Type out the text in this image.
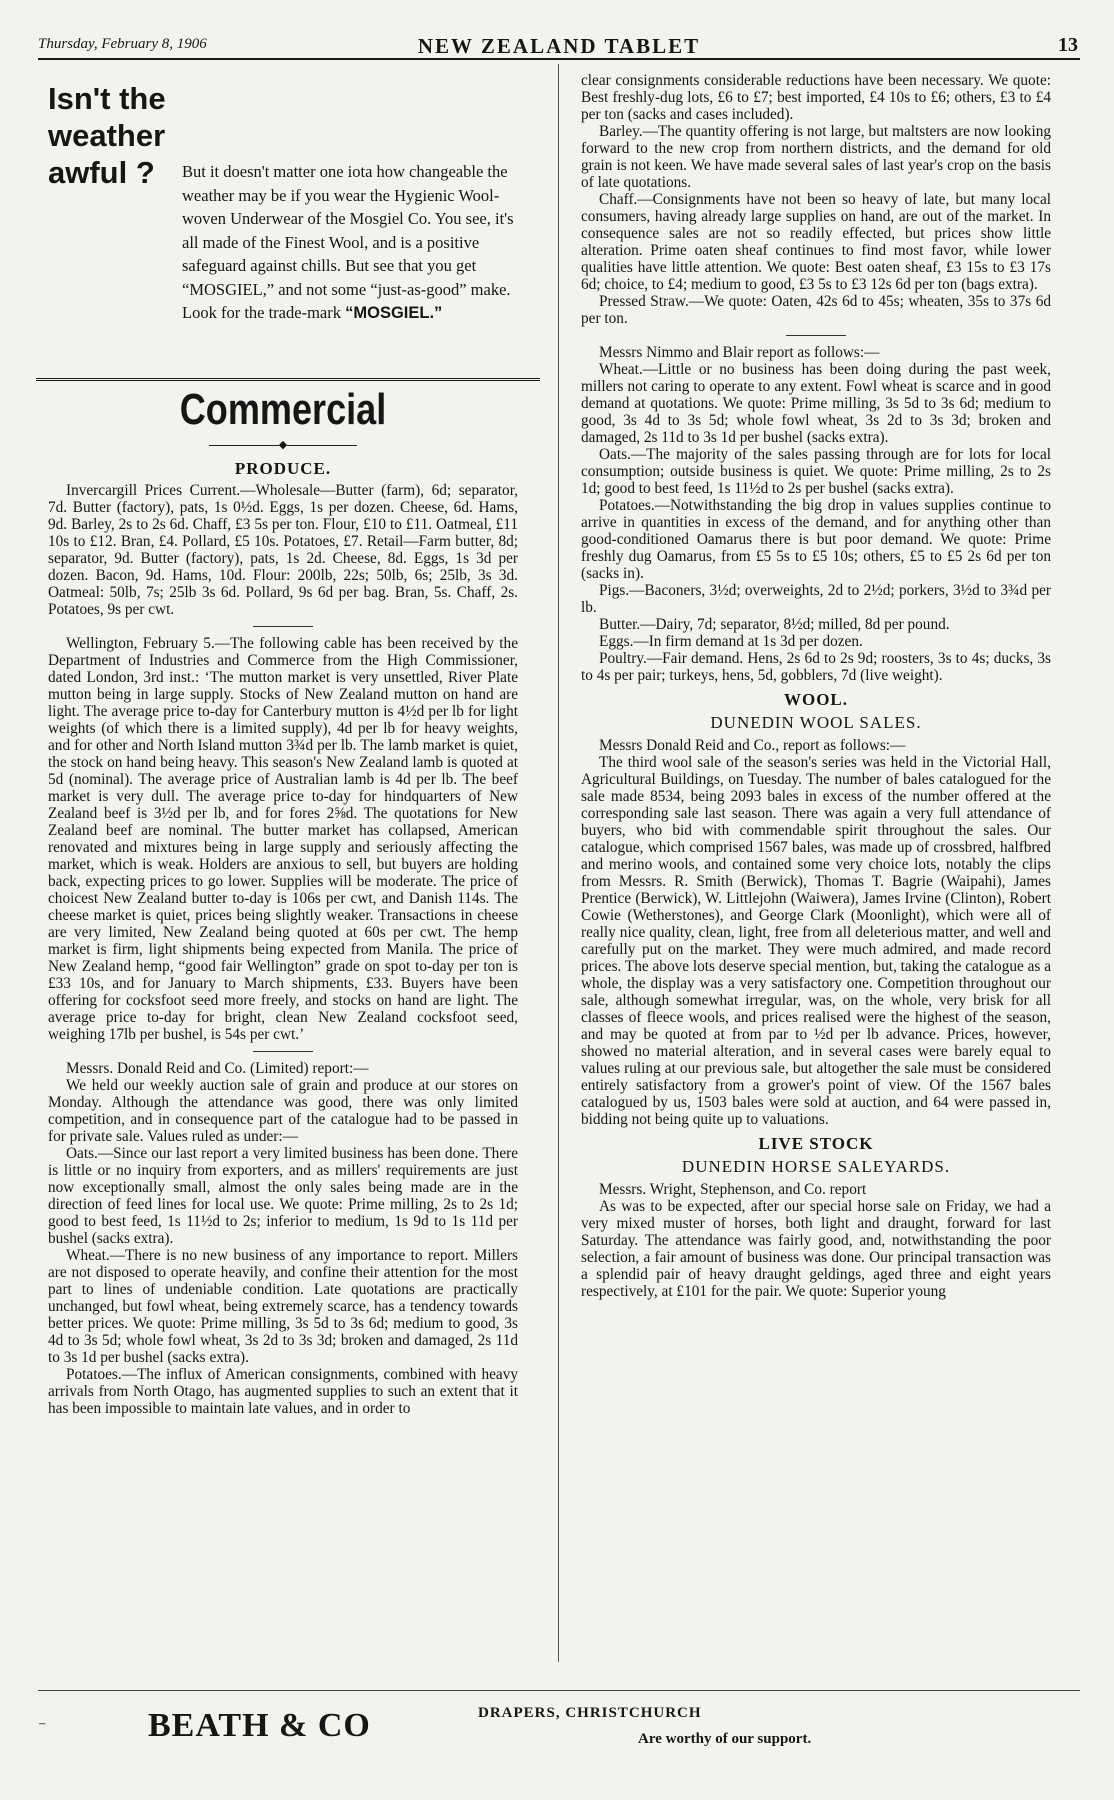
Thursday, February 8, 1906	NEW ZEALAND TABLET	13
Isn't the
weather
awful ?	But it doesn't matter one iota how changeable the weather may be if you wear the Hygienic Wool-woven Underwear of the Mosgiel Co. You see, it's all made of the Finest Wool, and is a positive safeguard against chills. But see that you get “MOSGIEL,” and not some “just-as-good” make. Look for the trade-mark “MOSGIEL.”
Commercial
◆
PRODUCE.

Invercargill Prices Current.—Wholesale—Butter (farm), 6d; separator, 7d. Butter (factory), pats, 1s 0½d. Eggs, 1s per dozen. Cheese, 6d. Hams, 9d. Barley, 2s to 2s 6d. Chaff, £3 5s per ton. Flour, £10 to £11. Oatmeal, £11 10s to £12. Bran, £4. Pollard, £5 10s. Potatoes, £7. Retail—Farm butter, 8d; separator, 9d. Butter (factory), pats, 1s 2d. Cheese, 8d. Eggs, 1s 3d per dozen. Bacon, 9d. Hams, 10d. Flour: 200lb, 22s; 50lb, 6s; 25lb, 3s 3d. Oatmeal: 50lb, 7s; 25lb 3s 6d. Pollard, 9s 6d per bag. Bran, 5s. Chaff, 2s. Potatoes, 9s per cwt.

Wellington, February 5.—The following cable has been received by the Department of Industries and Commerce from the High Commissioner, dated London, 3rd inst.: ‘The mutton market is very unsettled, River Plate mutton being in large supply. Stocks of New Zealand mutton on hand are light. The average price to-day for Canterbury mutton is 4½d per lb for light weights (of which there is a limited supply), 4d per lb for heavy weights, and for other and North Island mutton 3¾d per lb. The lamb market is quiet, the stock on hand being heavy. This season's New Zealand lamb is quoted at 5d (nominal). The average price of Australian lamb is 4d per lb. The beef market is very dull. The average price to-day for hindquarters of New Zealand beef is 3½d per lb, and for fores 2⅝d. The quotations for New Zealand beef are nominal. The butter market has collapsed, American renovated and mixtures being in large supply and seriously affecting the market, which is weak. Holders are anxious to sell, but buyers are holding back, expecting prices to go lower. Supplies will be moderate. The price of choicest New Zealand butter to-day is 106s per cwt, and Danish 114s. The cheese market is quiet, prices being slightly weaker. Transactions in cheese are very limited, New Zealand being quoted at 60s per cwt. The hemp market is firm, light shipments being expected from Manila. The price of New Zealand hemp, “good fair Wellington” grade on spot to-day per ton is £33 10s, and for January to March shipments, £33. Buyers have been offering for cocksfoot seed more freely, and stocks on hand are light. The average price to-day for bright, clean New Zealand cocksfoot seed, weighing 17lb per bushel, is 54s per cwt.’

Messrs. Donald Reid and Co. (Limited) report:—

We held our weekly auction sale of grain and produce at our stores on Monday. Although the attendance was good, there was only limited competition, and in consequence part of the catalogue had to be passed in for private sale. Values ruled as under:—

Oats.—Since our last report a very limited business has been done. There is little or no inquiry from exporters, and as millers' requirements are just now exceptionally small, almost the only sales being made are in the direction of feed lines for local use. We quote: Prime milling, 2s to 2s 1d; good to best feed, 1s 11½d to 2s; inferior to medium, 1s 9d to 1s 11d per bushel (sacks extra).

Wheat.—There is no new business of any importance to report. Millers are not disposed to operate heavily, and confine their attention for the most part to lines of undeniable condition. Late quotations are practically unchanged, but fowl wheat, being extremely scarce, has a tendency towards better prices. We quote: Prime milling, 3s 5d to 3s 6d; medium to good, 3s 4d to 3s 5d; whole fowl wheat, 3s 2d to 3s 3d; broken and damaged, 2s 11d to 3s 1d per bushel (sacks extra).

Potatoes.—The influx of American consignments, combined with heavy arrivals from North Otago, has augmented supplies to such an extent that it has been impossible to maintain late values, and in order to

clear consignments considerable reductions have been necessary. We quote: Best freshly-dug lots, £6 to £7; best imported, £4 10s to £6; others, £3 to £4 per ton (sacks and cases included).

Barley.—The quantity offering is not large, but maltsters are now looking forward to the new crop from northern districts, and the demand for old grain is not keen. We have made several sales of last year's crop on the basis of late quotations.

Chaff.—Consignments have not been so heavy of late, but many local consumers, having already large supplies on hand, are out of the market. In consequence sales are not so readily effected, but prices show little alteration. Prime oaten sheaf continues to find most favor, while lower qualities have little attention. We quote: Best oaten sheaf, £3 15s to £3 17s 6d; choice, to £4; medium to good, £3 5s to £3 12s 6d per ton (bags extra).

Pressed Straw.—We quote: Oaten, 42s 6d to 45s; wheaten, 35s to 37s 6d per ton.

Messrs Nimmo and Blair report as follows:—

Wheat.—Little or no business has been doing during the past week, millers not caring to operate to any extent. Fowl wheat is scarce and in good demand at quotations. We quote: Prime milling, 3s 5d to 3s 6d; medium to good, 3s 4d to 3s 5d; whole fowl wheat, 3s 2d to 3s 3d; broken and damaged, 2s 11d to 3s 1d per bushel (sacks extra).

Oats.—The majority of the sales passing through are for lots for local consumption; outside business is quiet. We quote: Prime milling, 2s to 2s 1d; good to best feed, 1s 11½d to 2s per bushel (sacks extra).

Potatoes.—Notwithstanding the big drop in values supplies continue to arrive in quantities in excess of the demand, and for anything other than good-conditioned Oamarus there is but poor demand. We quote: Prime freshly dug Oamarus, from £5 5s to £5 10s; others, £5 to £5 2s 6d per ton (sacks in).

Pigs.—Baconers, 3½d; overweights, 2d to 2½d; porkers, 3½d to 3¾d per lb.

Butter.—Dairy, 7d; separator, 8½d; milled, 8d per pound.

Eggs.—In firm demand at 1s 3d per dozen.

Poultry.—Fair demand. Hens, 2s 6d to 2s 9d; roosters, 3s to 4s; ducks, 3s to 4s per pair; turkeys, hens, 5d, gobblers, 7d (live weight).

WOOL.
DUNEDIN WOOL SALES.

Messrs Donald Reid and Co., report as follows:—

The third wool sale of the season's series was held in the Victorial Hall, Agricultural Buildings, on Tuesday. The number of bales catalogued for the sale made 8534, being 2093 bales in excess of the number offered at the corresponding sale last season. There was again a very full attendance of buyers, who bid with commendable spirit throughout the sales. Our catalogue, which comprised 1567 bales, was made up of crossbred, halfbred and merino wools, and contained some very choice lots, notably the clips from Messrs. R. Smith (Berwick), Thomas T. Bagrie (Waipahi), James Prentice (Berwick), W. Littlejohn (Waiwera), James Irvine (Clinton), Robert Cowie (Wetherstones), and George Clark (Moonlight), which were all of really nice quality, clean, light, free from all deleterious matter, and well and carefully put on the market. They were much admired, and made record prices. The above lots deserve special mention, but, taking the catalogue as a whole, the display was a very satisfactory one. Competition throughout our sale, although somewhat irregular, was, on the whole, very brisk for all classes of fleece wools, and prices realised were the highest of the season, and may be quoted at from par to ½d per lb advance. Prices, however, showed no material alteration, and in several cases were barely equal to values ruling at our previous sale, but altogether the sale must be considered entirely satisfactory from a grower's point of view. Of the 1567 bales catalogued by us, 1503 bales were sold at auction, and 64 were passed in, bidding not being quite up to valuations.

LIVE STOCK
DUNEDIN HORSE SALEYARDS.

Messrs. Wright, Stephenson, and Co. report

As was to be expected, after our special horse sale on Friday, we had a very mixed muster of horses, both light and draught, forward for last Saturday. The attendance was fairly good, and, notwithstanding the poor selection, a fair amount of business was done. Our principal transaction was a splendid pair of heavy draught geldings, aged three and eight years respectively, at £101 for the pair. We quote: Superior young

⁻	BEATH & CO	DRAPERS, CHRISTCHURCH
Are worthy of our support.
